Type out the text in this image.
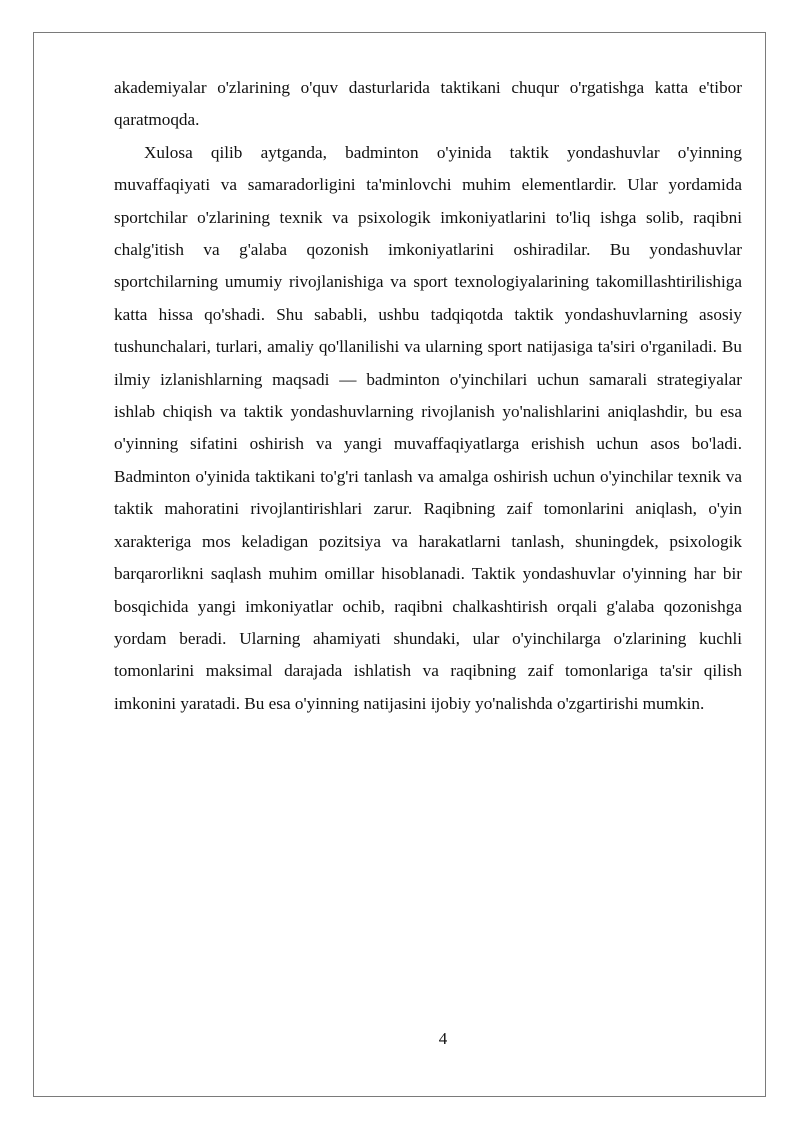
akademiyalar o'zlarining o'quv dasturlarida taktikani chuqur o'rgatishga katta e'tibor qaratmoqda.

Xulosa qilib aytganda, badminton o'yinida taktik yondashuvlar o'yinning muvaffaqiyati va samaradorligini ta'minlovchi muhim elementlardir. Ular yordamida sportchilar o'zlarining texnik va psixologik imkoniyatlarini to'liq ishga solib, raqibni chalg'itish va g'alaba qozonish imkoniyatlarini oshiradilar. Bu yondashuvlar sportchilarning umumiy rivojlanishiga va sport texnologiyalarining takomillashtirilishiga katta hissa qo'shadi. Shu sababli, ushbu tadqiqotda taktik yondashuvlarning asosiy tushunchalari, turlari, amaliy qo'llanilishi va ularning sport natijasiga ta'siri o'rganiladi. Bu ilmiy izlanishlarning maqsadi — badminton o'yinchilari uchun samarali strategiyalar ishlab chiqish va taktik yondashuvlarning rivojlanish yo'nalishlarini aniqlashdir, bu esa o'yinning sifatini oshirish va yangi muvaffaqiyatlarga erishish uchun asos bo'ladi. Badminton o'yinida taktikani to'g'ri tanlash va amalga oshirish uchun o'yinchilar texnik va taktik mahoratini rivojlantirishlari zarur. Raqibning zaif tomonlarini aniqlash, o'yin xarakteriga mos keladigan pozitsiya va harakatlarni tanlash, shuningdek, psixologik barqarorlikni saqlash muhim omillar hisoblanadi. Taktik yondashuvlar o'yinning har bir bosqichida yangi imkoniyatlar ochib, raqibni chalkashtirish orqali g'alaba qozonishga yordam beradi. Ularning ahamiyati shundaki, ular o'yinchilarga o'zlarining kuchli tomonlarini maksimal darajada ishlatish va raqibning zaif tomonlariga ta'sir qilish imkonini yaratadi. Bu esa o'yinning natijasini ijobiy yo'nalishda o'zgartirishi mumkin.

4
